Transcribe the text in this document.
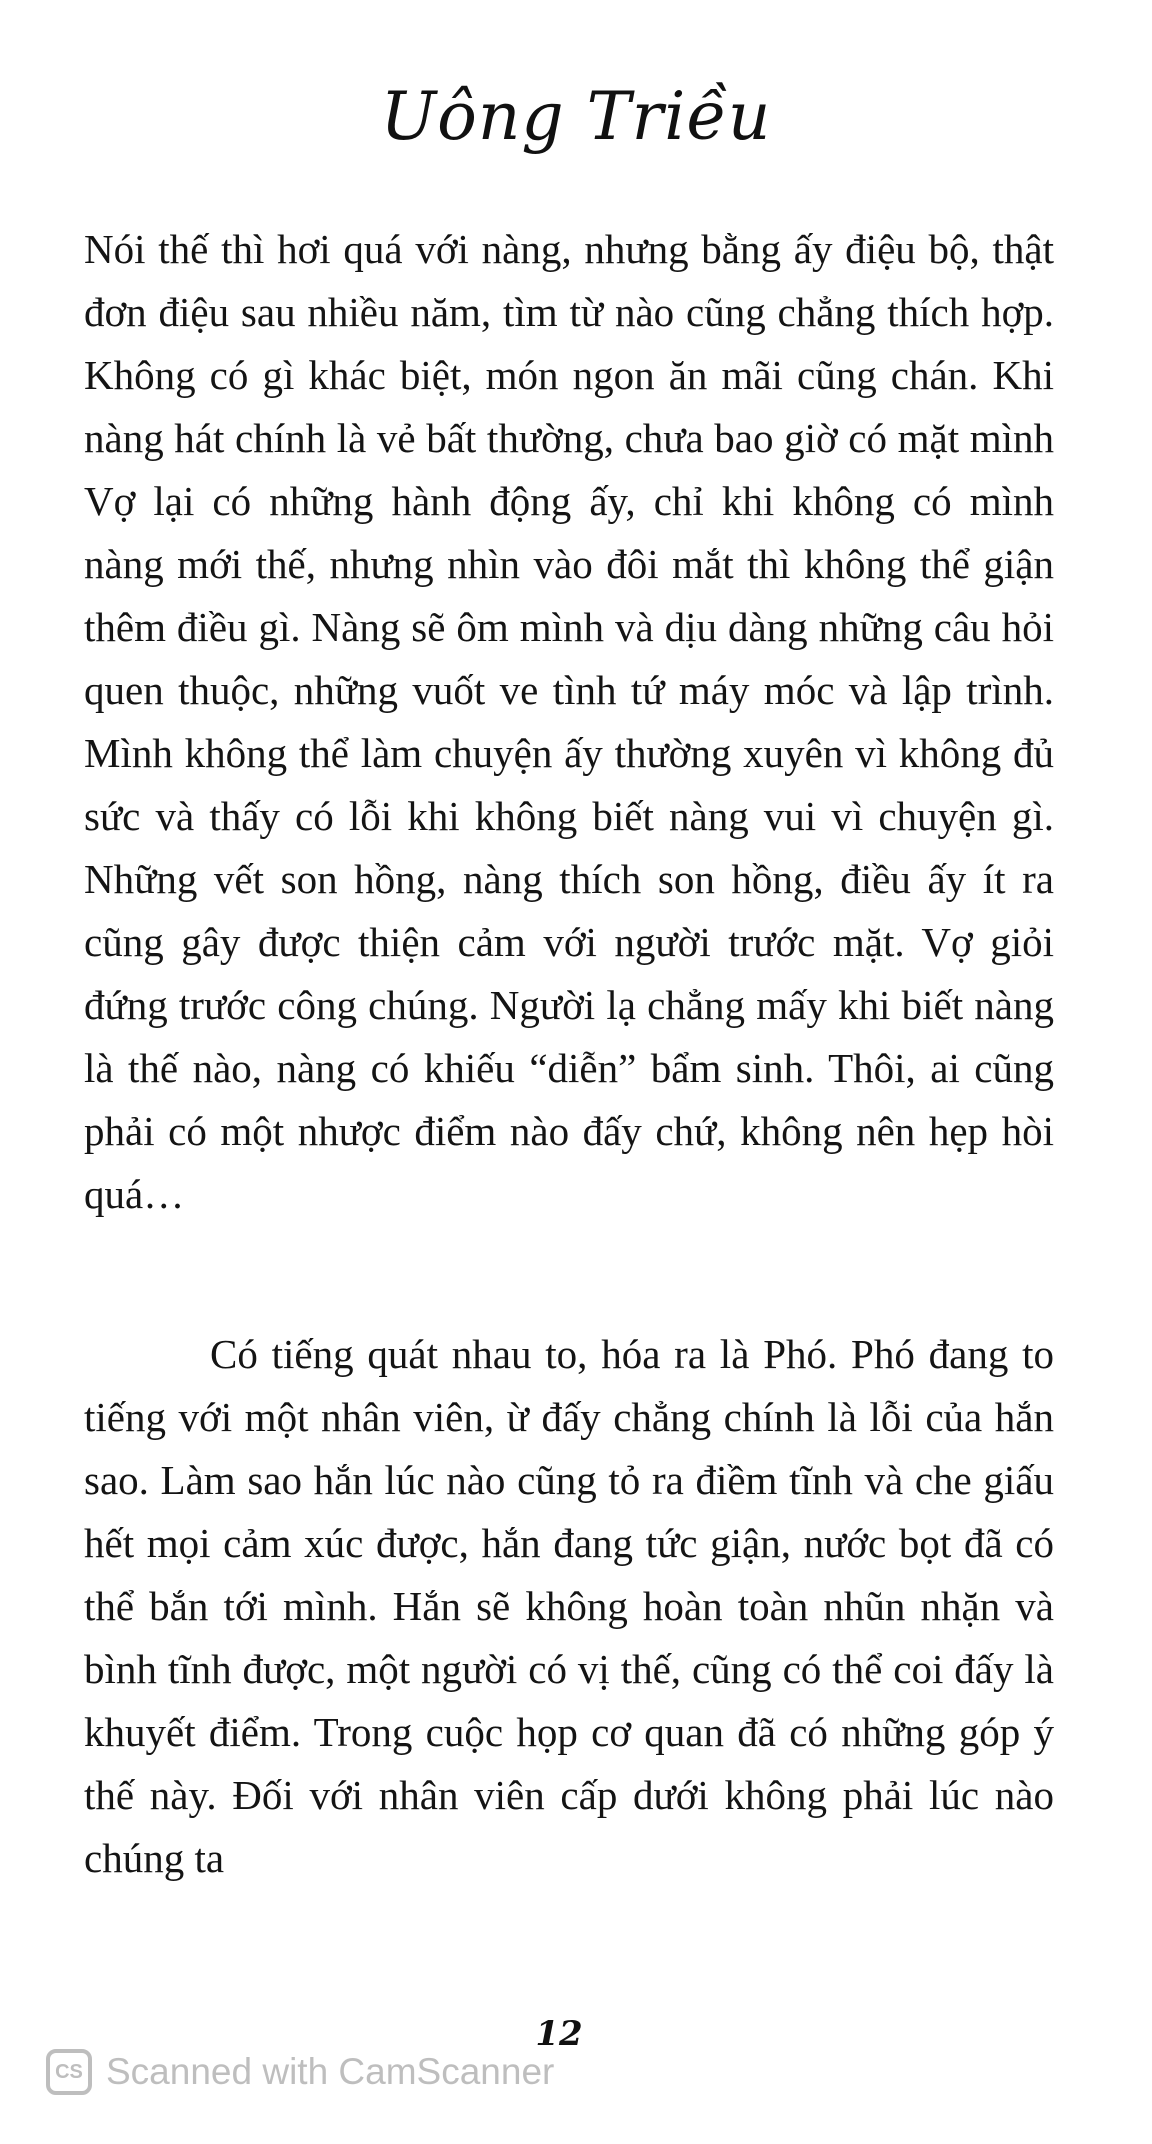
Uông Triều

Nói thế thì hơi quá với nàng, nhưng bằng ấy điệu bộ, thật đơn điệu sau nhiều năm, tìm từ nào cũng chẳng thích hợp. Không có gì khác biệt, món ngon ăn mãi cũng chán. Khi nàng hát chính là vẻ bất thường, chưa bao giờ có mặt mình Vợ lại có những hành động ấy, chỉ khi không có mình nàng mới thế, nhưng nhìn vào đôi mắt thì không thể giận thêm điều gì. Nàng sẽ ôm mình và dịu dàng những câu hỏi quen thuộc, những vuốt ve tình tứ máy móc và lập trình. Mình không thể làm chuyện ấy thường xuyên vì không đủ sức và thấy có lỗi khi không biết nàng vui vì chuyện gì. Những vết son hồng, nàng thích son hồng, điều ấy ít ra cũng gây được thiện cảm với người trước mặt. Vợ giỏi đứng trước công chúng. Người lạ chẳng mấy khi biết nàng là thế nào, nàng có khiếu “diễn” bẩm sinh. Thôi, ai cũng phải có một nhược điểm nào đấy chứ, không nên hẹp hòi quá…

Có tiếng quát nhau to, hóa ra là Phó. Phó đang to tiếng với một nhân viên, ừ đấy chẳng chính là lỗi của hắn sao. Làm sao hắn lúc nào cũng tỏ ra điềm tĩnh và che giấu hết mọi cảm xúc được, hắn đang tức giận, nước bọt đã có thể bắn tới mình. Hắn sẽ không hoàn toàn nhũn nhặn và bình tĩnh được, một người có vị thế, cũng có thể coi đấy là khuyết điểm. Trong cuộc họp cơ quan đã có những góp ý thế này. Đối với nhân viên cấp dưới không phải lúc nào chúng ta

12
CS Scanned with CamScanner
